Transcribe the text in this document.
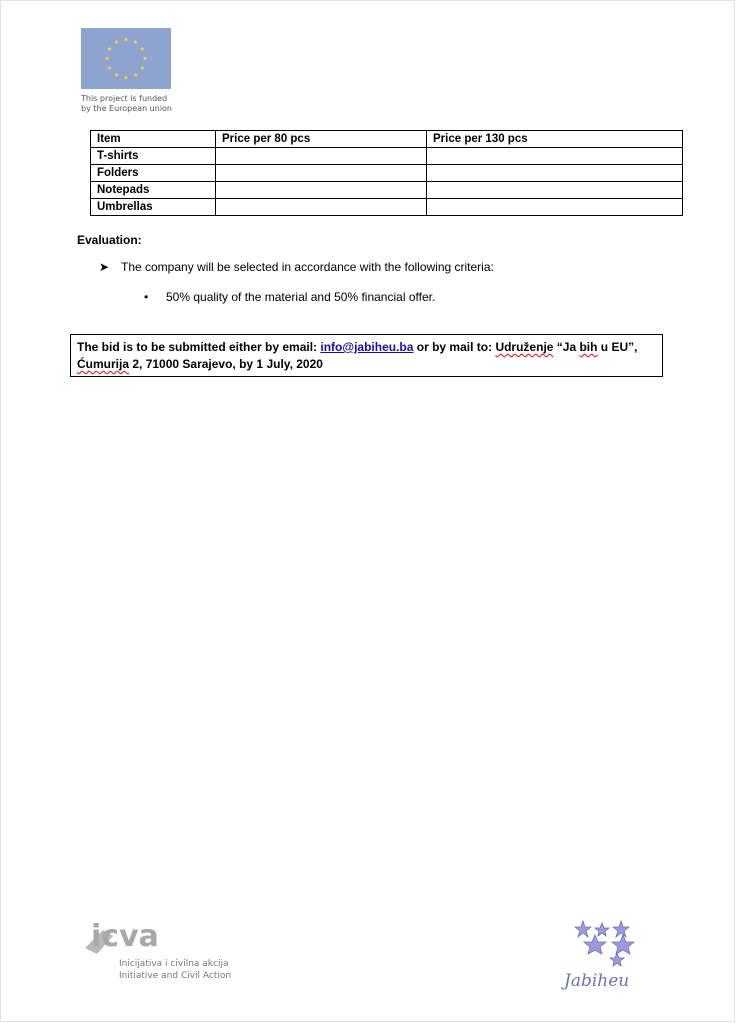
This project is funded
by the European union
Item	Price per 80 pcs	Price per 130 pcs
T-shirts		
Folders		
Notepads		
Umbrellas		
Evaluation:
➤ The company will be selected in accordance with the following criteria:
• 50% quality of the material and 50% financial offer.
The bid is to be submitted either by email: info@jabiheu.ba or by mail to: Udruženje “Ja bih u EU”,
Ćumurija 2, 71000 Sarajevo, by 1 July, 2020
icva
Inicijativa i civilna akcija
Initiative and Civil Action	Jabiheu
